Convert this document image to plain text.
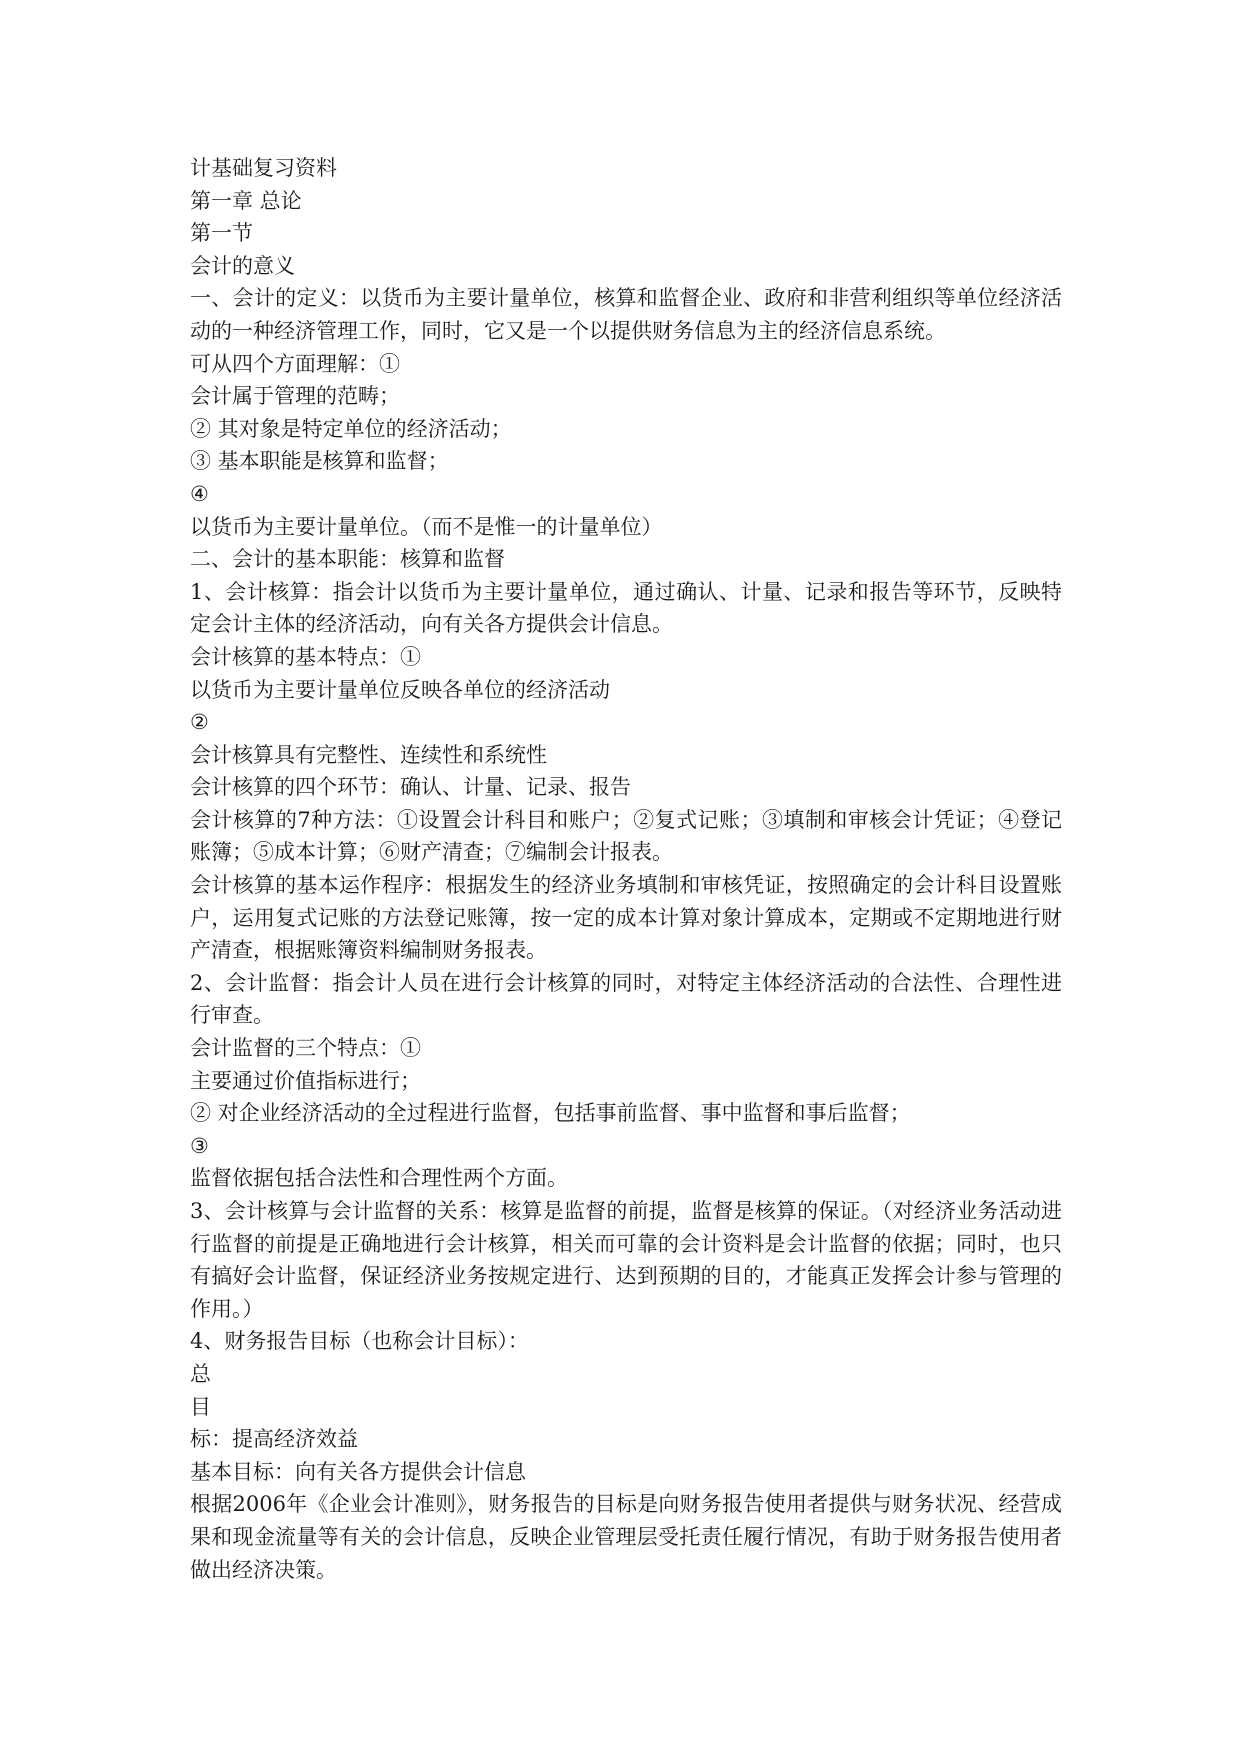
计基础复习资料

第一章 总论

第一节

会计的意义

一、会计的定义：以货币为主要计量单位，核算和监督企业、政府和非营利组织等单位经济活动的一种经济管理工作，同时，它又是一个以提供财务信息为主的经济信息系统。

可从四个方面理解：①

会计属于管理的范畴；

② 其对象是特定单位的经济活动；

③ 基本职能是核算和监督；

④

以货币为主要计量单位。（而不是惟一的计量单位）

二、会计的基本职能：核算和监督

1、会计核算：指会计以货币为主要计量单位，通过确认、计量、记录和报告等环节，反映特定会计主体的经济活动，向有关各方提供会计信息。

会计核算的基本特点：①

以货币为主要计量单位反映各单位的经济活动

②

会计核算具有完整性、连续性和系统性

会计核算的四个环节：确认、计量、记录、报告

会计核算的7种方法：①设置会计科目和账户；②复式记账；③填制和审核会计凭证；④登记账簿；⑤成本计算；⑥财产清查；⑦编制会计报表。

会计核算的基本运作程序：根据发生的经济业务填制和审核凭证，按照确定的会计科目设置账户，运用复式记账的方法登记账簿，按一定的成本计算对象计算成本，定期或不定期地进行财产清查，根据账簿资料编制财务报表。

2、会计监督：指会计人员在进行会计核算的同时，对特定主体经济活动的合法性、合理性进行审查。

会计监督的三个特点：①

主要通过价值指标进行；

② 对企业经济活动的全过程进行监督，包括事前监督、事中监督和事后监督；

③

监督依据包括合法性和合理性两个方面。

3、会计核算与会计监督的关系：核算是监督的前提，监督是核算的保证。（对经济业务活动进行监督的前提是正确地进行会计核算，相关而可靠的会计资料是会计监督的依据；同时，也只有搞好会计监督，保证经济业务按规定进行、达到预期的目的，才能真正发挥会计参与管理的作用。）

4、财务报告目标（也称会计目标）：

总

目

标：提高经济效益

基本目标：向有关各方提供会计信息

根据2006年《企业会计准则》，财务报告的目标是向财务报告使用者提供与财务状况、经营成果和现金流量等有关的会计信息，反映企业管理层受托责任履行情况，有助于财务报告使用者做出经济决策。
